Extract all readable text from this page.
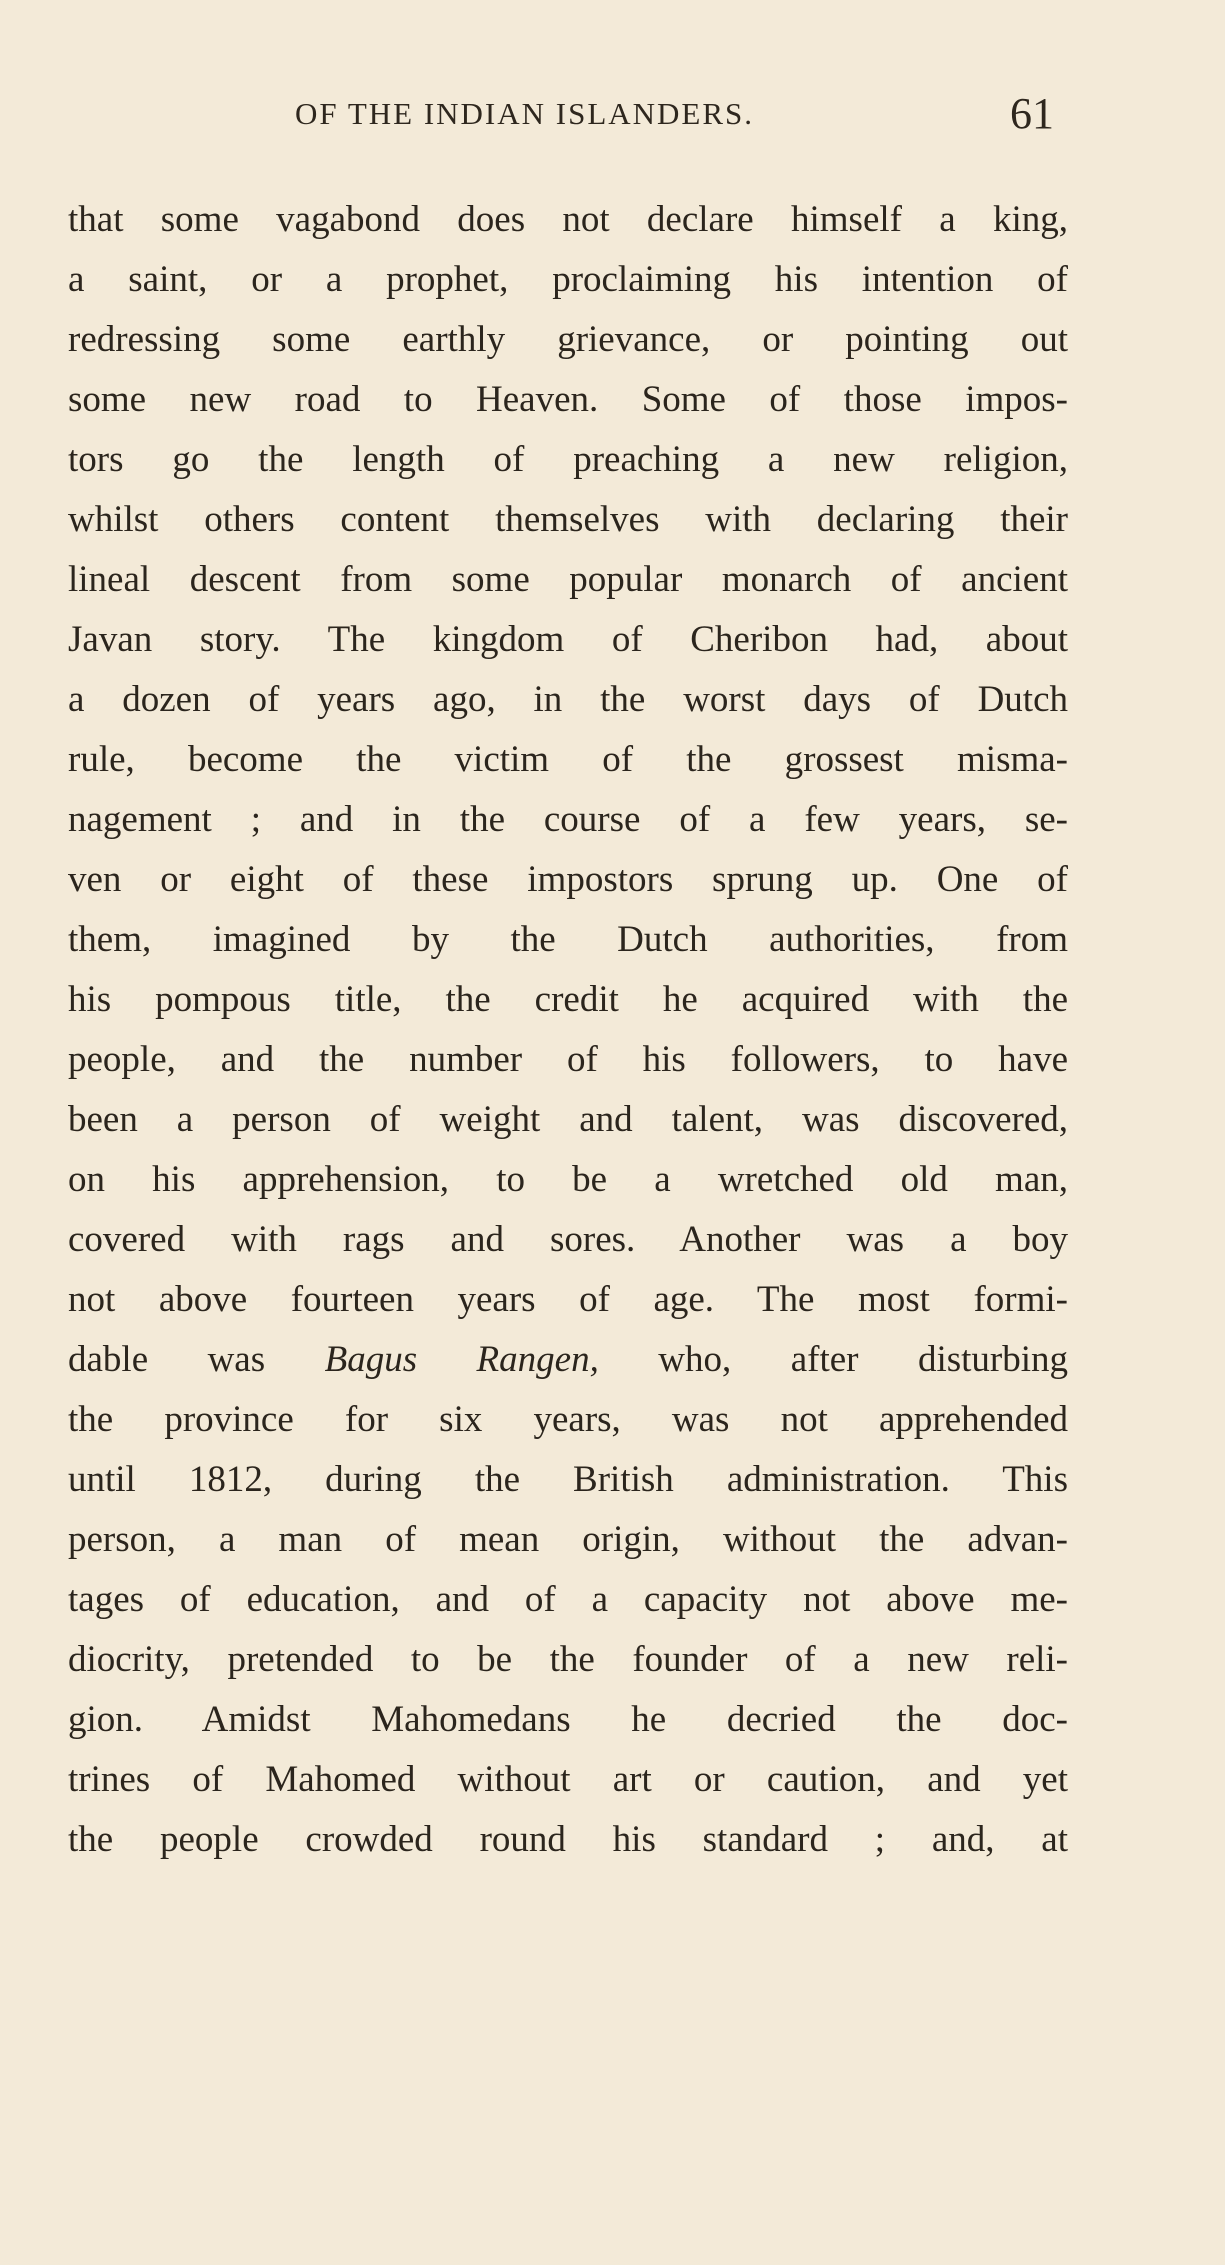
OF THE INDIAN ISLANDERS.	61
that some vagabond does not declare himself a king,
a saint, or a prophet, proclaiming his intention of
redressing some earthly grievance, or pointing out
some new road to Heaven. Some of those impos-
tors go the length of preaching a new religion,
whilst others content themselves with declaring their
lineal descent from some popular monarch of ancient
Javan story. The kingdom of Cheribon had, about
a dozen of years ago, in the worst days of Dutch
rule, become the victim of the grossest misma-
nagement ; and in the course of a few years, se-
ven or eight of these impostors sprung up. One of
them, imagined by the Dutch authorities, from
his pompous title, the credit he acquired with the
people, and the number of his followers, to have
been a person of weight and talent, was discovered,
on his apprehension, to be a wretched old man,
covered with rags and sores. Another was a boy
not above fourteen years of age. The most formi-
dable was Bagus Rangen, who, after disturbing
the province for six years, was not apprehended
until 1812, during the British administration. This
person, a man of mean origin, without the advan-
tages of education, and of a capacity not above me-
diocrity, pretended to be the founder of a new reli-
gion. Amidst Mahomedans he decried the doc-
trines of Mahomed without art or caution, and yet
the people crowded round his standard ; and, at
